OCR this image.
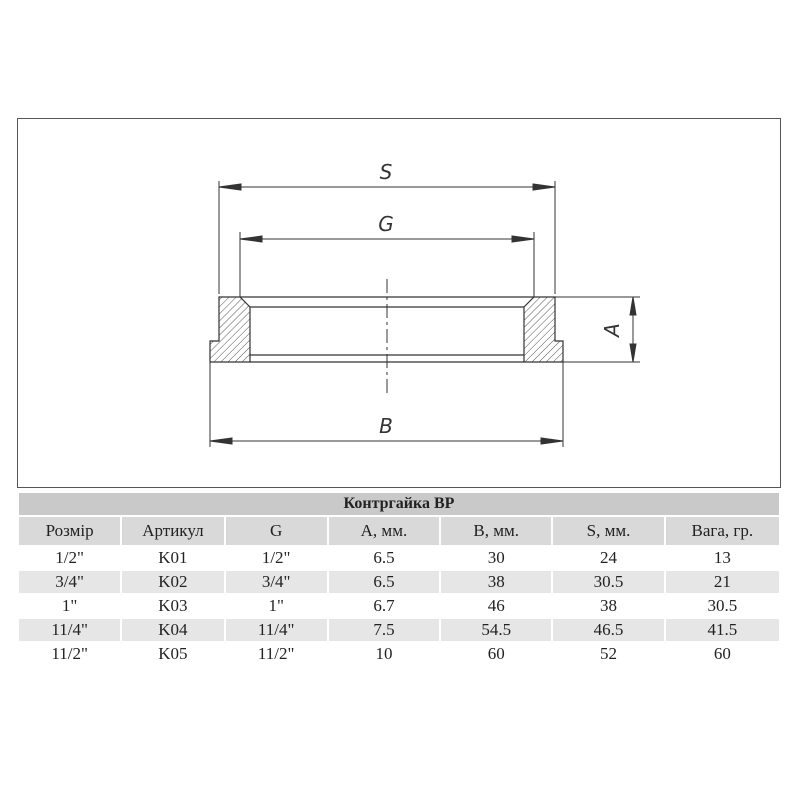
S
G
A
B
Контргайка ВР						
Розмір	Артикул	G	A, мм.	B, мм.	S, мм.	Вага, гр.
1/2"	K01	1/2"	6.5	30	24	13
3/4"	K02	3/4"	6.5	38	30.5	21
1"	K03	1"	6.7	46	38	30.5
11/4"	K04	11/4"	7.5	54.5	46.5	41.5
11/2"	K05	11/2"	10	60	52	60
